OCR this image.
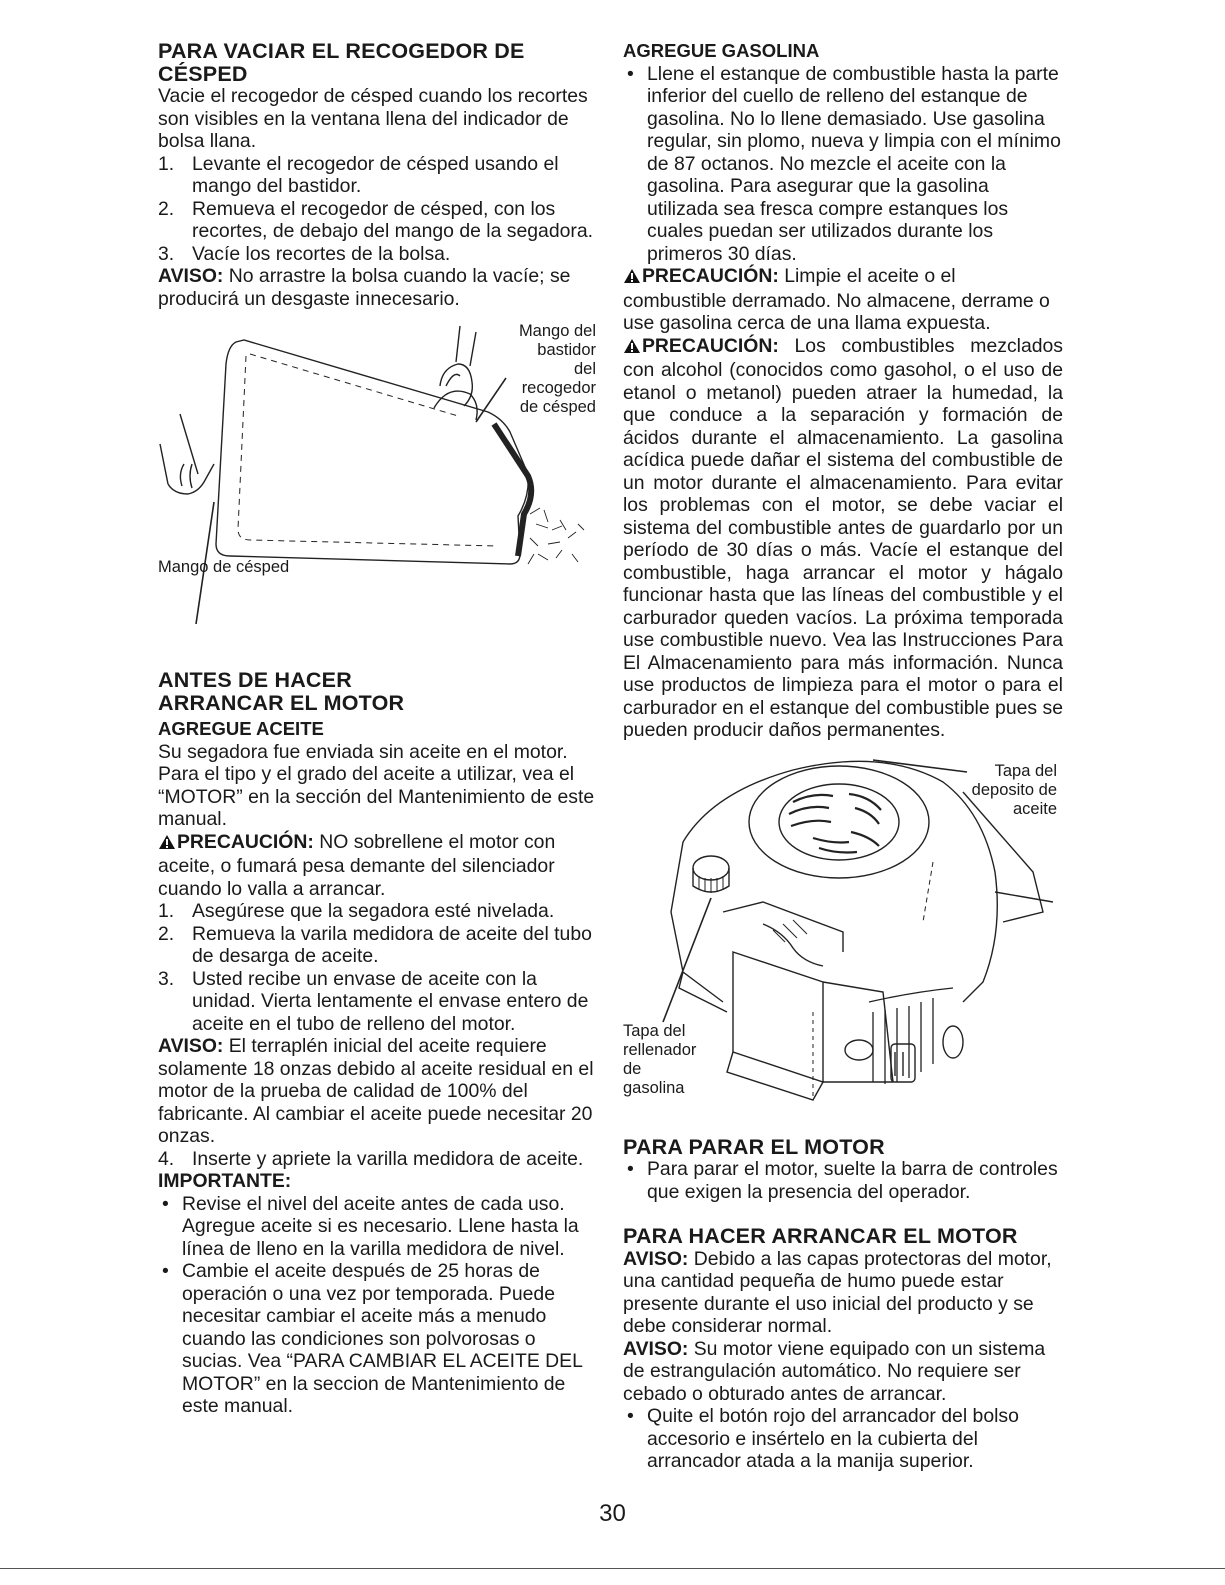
PARA VACIAR EL RECOGEDOR DE

CÉSPED

Vacie el recogedor de césped cuando los recortes son visibles en la ventana llena del indicador de bolsa llana.

1. Levante el recogedor de césped usando el mango del bastidor.
2. Remueva el recogedor de césped, con los recortes, de debajo del mango de la segadora.
3. Vacíe los recortes de la bolsa.

AVISO: No arrastre la bolsa cuando la vacíe; se producirá un desgaste innecesario.

Mango del
bastidor
del
recogedor
de césped
Mango de césped

ANTES DE HACER

ARRANCAR EL MOTOR

AGREGUE ACEITE

Su segadora fue enviada sin aceite en el motor. Para el tipo y el grado del aceite a utilizar, vea el “MOTOR” en la sección del Mantenimiento de este manual.

PRECAUCIÓN: NO sobrellene el motor con aceite, o fumará pesa demante del silenciador cuando lo valla a arrancar.

1. Asegúrese que la segadora esté nivelada.
2. Remueva la varila medidora de aceite del tubo de desarga de aceite.
3. Usted recibe un envase de aceite con la unidad. Vierta lentamente el envase entero de aceite en el tubo de relleno del motor.

AVISO: El terraplén inicial del aceite requiere solamente 18 onzas debido al aceite residual en el motor de la prueba de calidad de 100% del fabricante. Al cambiar el aceite puede necesitar 20 onzas.

4. Inserte y apriete la varilla medidora de aceite.

IMPORTANTE:

• Revise el nivel del aceite antes de cada uso. Agregue aceite si es necesario. Llene hasta la línea de lleno en la varilla medidora de nivel.
• Cambie el aceite después de 25 horas de operación o una vez por temporada. Puede necesitar cambiar el aceite más a menudo cuando las condiciones son polvorosas o sucias. Vea “PARA CAMBIAR EL ACEITE DEL MOTOR” en la seccion de Mantenimiento de este manual.

AGREGUE GASOLINA

• Llene el estanque de combustible hasta la parte inferior del cuello de relleno del estanque de gasolina. No lo llene demasiado. Use gasolina regular, sin plomo, nueva y limpia con el mínimo de 87 octanos. No mezcle el aceite con la gasolina. Para asegurar que la gasolina utilizada sea fresca compre estanques los cuales puedan ser utilizados durante los primeros 30 días.

PRECAUCIÓN: Limpie el aceite o el combustible derramado. No almacene, derrame o use gasolina cerca de una llama expuesta.

PRECAUCIÓN: Los combustibles mezclados con alcohol (conocidos como gasohol, o el uso de etanol o metanol) pueden atraer la humedad, la que conduce a la separación y formación de ácidos durante el almacenamiento. La gasolina acídica puede dañar el sistema del combustible de un motor durante el almacenamiento. Para evitar los problemas con el motor, se debe vaciar el sistema del combustible antes de guardarlo por un período de 30 días o más. Vacíe el estanque del combustible, haga arrancar el motor y hágalo funcionar hasta que las líneas del combustible y el carburador queden vacíos. La próxima temporada use combustible nuevo. Vea las Instrucciones Para El Almacenamiento para más información. Nunca use productos de limpieza para el motor o para el carburador en el estanque del combustible pues se pueden producir daños permanentes.

Tapa del
deposito de
aceite
Tapa del
rellenador
de
gasolina

PARA PARAR EL MOTOR

• Para parar el motor, suelte la barra de controles que exigen la presencia del operador.

PARA HACER ARRANCAR EL MOTOR

AVISO: Debido a las capas protectoras del motor, una cantidad pequeña de humo puede estar presente durante el uso inicial del producto y se debe considerar normal.

AVISO: Su motor viene equipado con un sistema de estrangulación automático. No requiere ser cebado o obturado antes de arrancar.

• Quite el botón rojo del arrancador del bolso accesorio e insértelo en la cubierta del arrancador atada a la manija superior.
30
